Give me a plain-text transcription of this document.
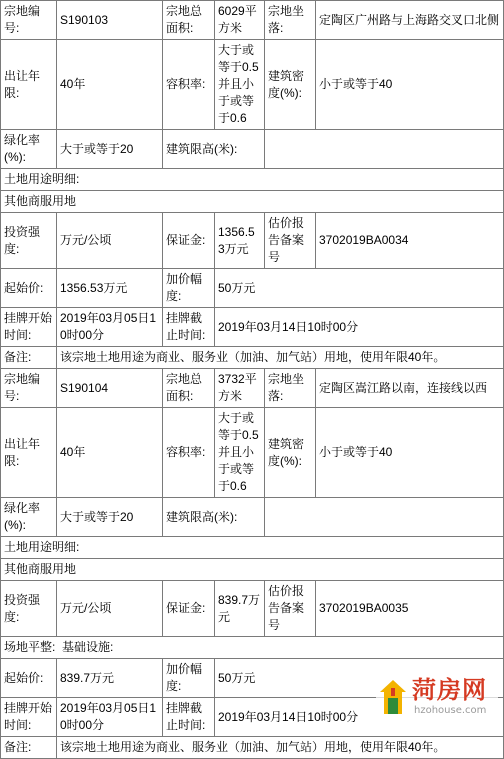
宗地编号:	S190103	宗地总面积:	6029平方米	宗地坐落:	定陶区广州路与上海路交叉口北侧
出让年限:	40年	容积率:	大于或等于0.5并且小于或等于0.6	建筑密度(%):	小于或等于40
绿化率(%):	大于或等于20	建筑限高(米):			
土地用途明细:					
其他商服用地					
投资强度:	万元/公顷	保证金:	1356.53万元	估价报告备案号	3702019BA0034
起始价:	1356.53万元	加价幅度:	50万元		
挂牌开始时间:	2019年03月05日10时00分	挂牌截止时间:	2019年03月14日10时00分		
备注:	该宗地土地用途为商业、服务业（加油、加气站）用地，使用年限40年。				
宗地编号:	S190104	宗地总面积:	3732平方米	宗地坐落:	定陶区嵩江路以南，连接线以西
出让年限:	40年	容积率:	大于或等于0.5并且小于或等于0.6	建筑密度(%):	小于或等于40
绿化率(%):	大于或等于20	建筑限高(米):			
土地用途明细:					
其他商服用地					
投资强度:	万元/公顷	保证金:	839.7万元	估价报告备案号	3702019BA0035
场地平整:  基础设施:					
起始价:	839.7万元	加价幅度:	50万元		
挂牌开始时间:	2019年03月05日10时00分	挂牌截止时间:	2019年03月14日10时00分		
备注:	该宗地土地用途为商业、服务业（加油、加气站）用地，使用年限40年。				
菏房网
hzohouse.com
